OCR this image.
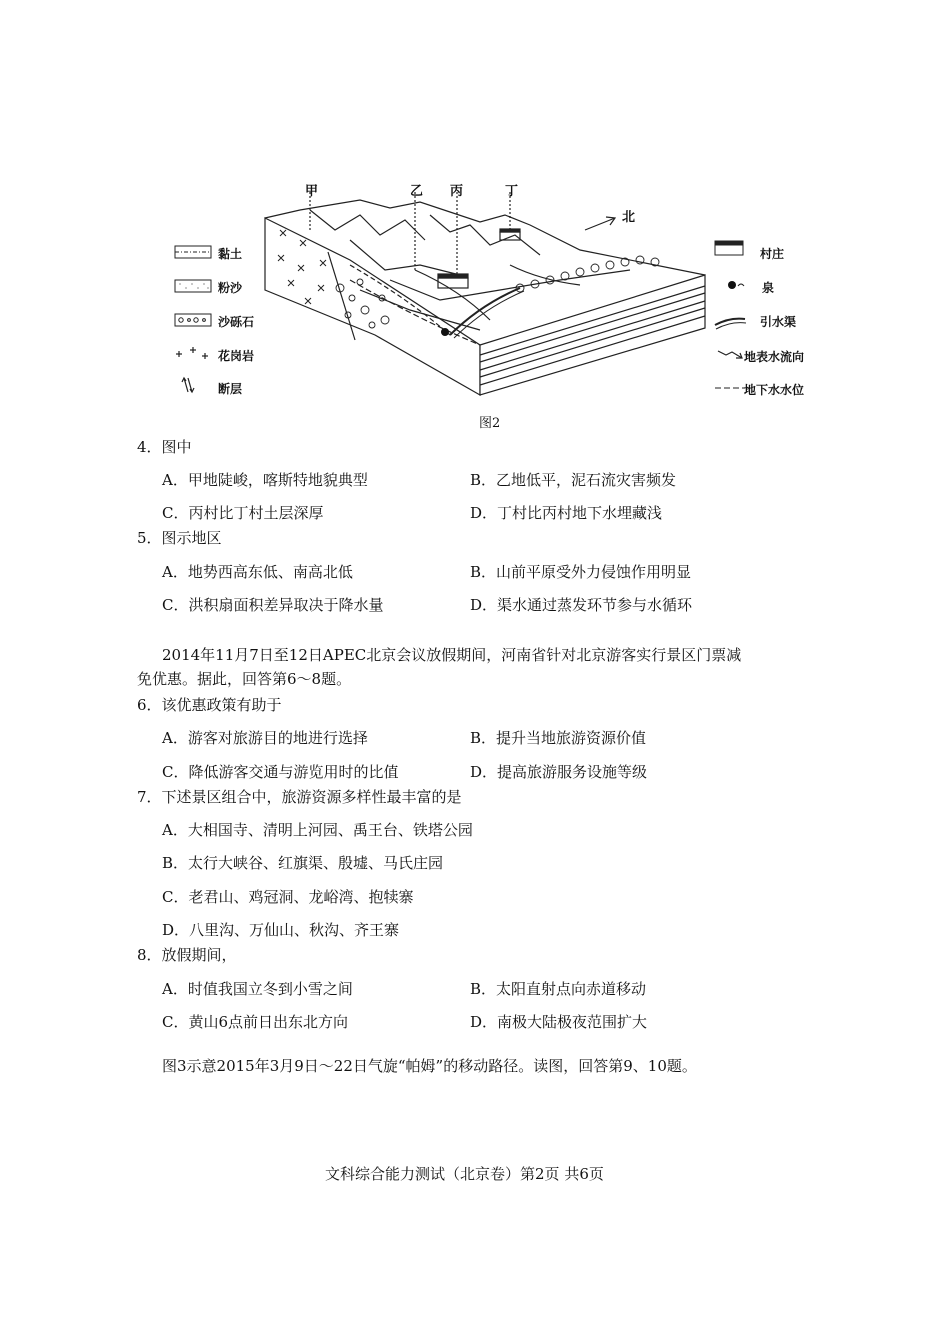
甲	乙 丙	丁
北
黏土
粉沙
沙砾石
花岗岩
断层
村庄
泉
引水渠
地表水流向
地下水水位
图2
4．图中
A．甲地陡峻，喀斯特地貌典型	B．乙地低平，泥石流灾害频发
C．丙村比丁村土层深厚	D．丁村比丙村地下水埋藏浅
5．图示地区
A．地势西高东低、南高北低	B．山前平原受外力侵蚀作用明显
C．洪积扇面积差异取决于降水量	D．渠水通过蒸发环节参与水循环
2014年11月7日至12日APEC北京会议放假期间，河南省针对北京游客实行景区门票减
免优惠。据此，回答第6～8题。
6．该优惠政策有助于
A．游客对旅游目的地进行选择	B．提升当地旅游资源价值
C．降低游客交通与游览用时的比值	D．提高旅游服务设施等级
7．下述景区组合中，旅游资源多样性最丰富的是
A．大相国寺、清明上河园、禹王台、铁塔公园
B．太行大峡谷、红旗渠、殷墟、马氏庄园
C．老君山、鸡冠洞、龙峪湾、抱犊寨
D．八里沟、万仙山、秋沟、齐王寨
8．放假期间，
A．时值我国立冬到小雪之间	B．太阳直射点向赤道移动
C．黄山6点前日出东北方向	D．南极大陆极夜范围扩大
图3示意2015年3月9日～22日气旋“帕姆”的移动路径。读图，回答第9、10题。
文科综合能力测试（北京卷）第2页 共6页
